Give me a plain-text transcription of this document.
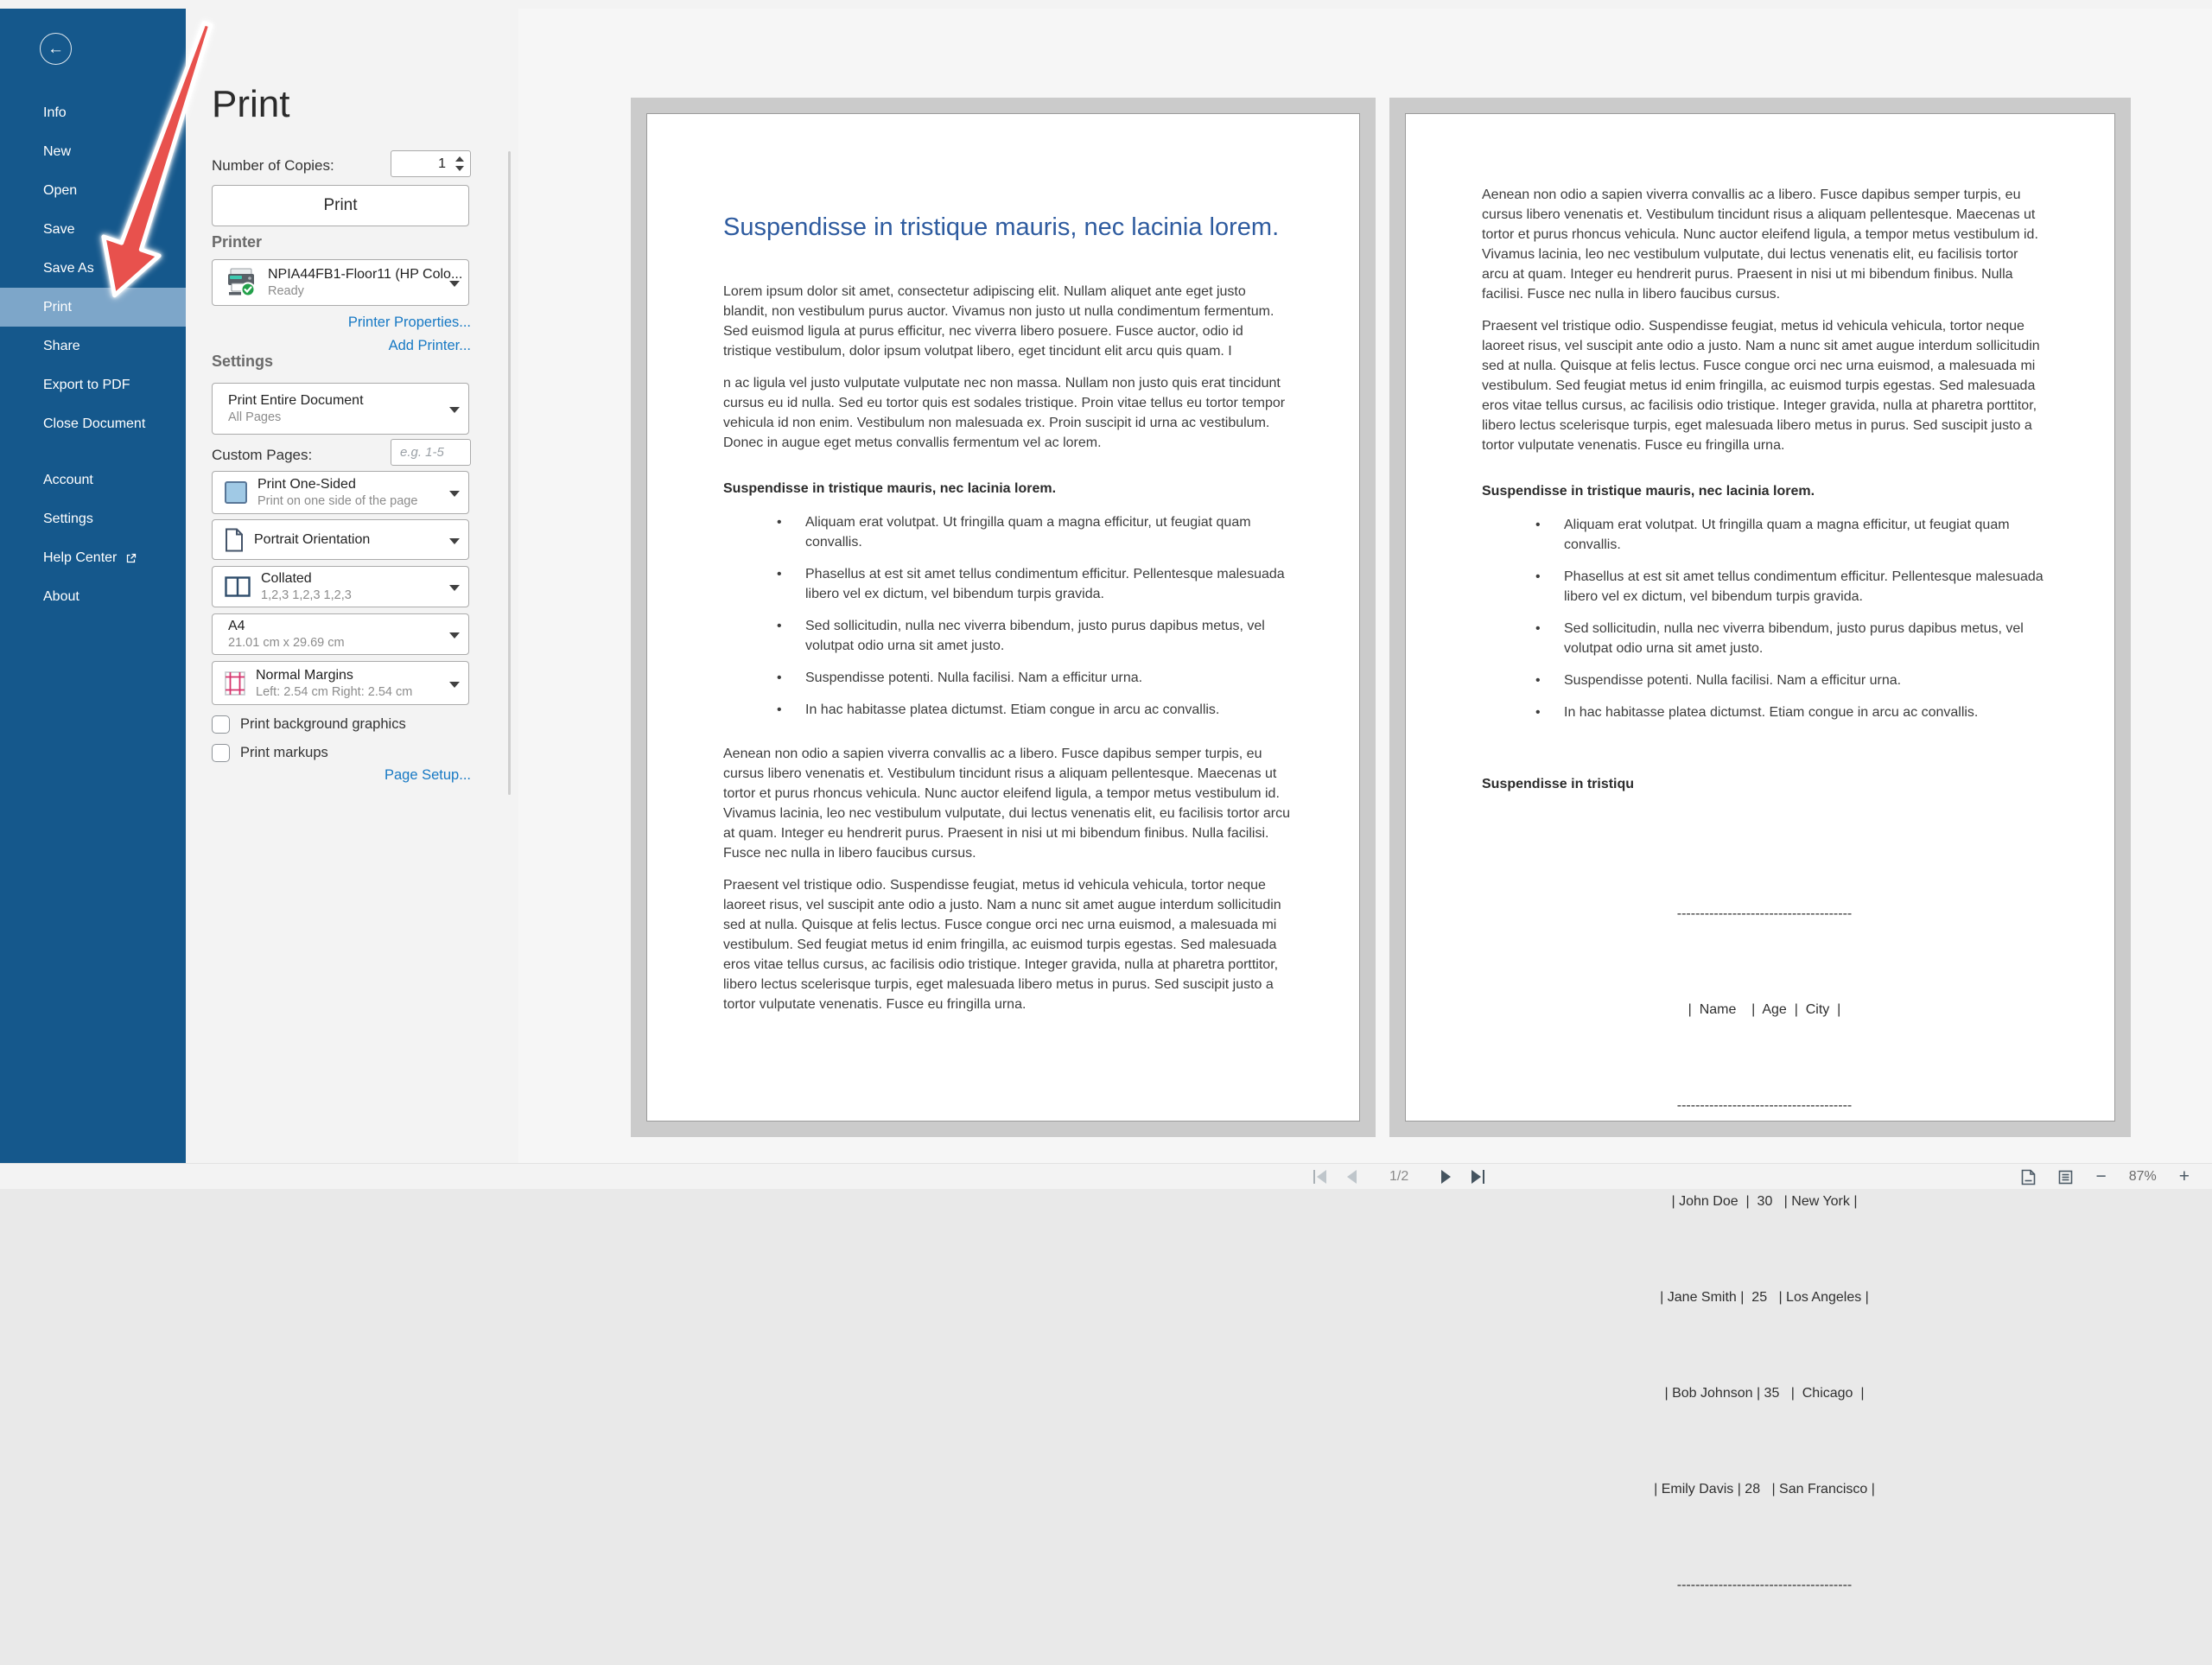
←
Info
New
Open
Save
Save As
Print
Share
Export to PDF
Close Document
Account
Settings
Help Center
About
Print
Number of Copies:
1
Print
Printer
NPIA44FB1-Floor11 (HP Colo...
Ready
Printer Properties...
Add Printer...
Settings
Print Entire Document
All Pages
Custom Pages:
e.g. 1-5
Print One-Sided
Print on one side of the page
Portrait Orientation
Collated
1,2,3 1,2,3 1,2,3
A4
21.01 cm x 29.69 cm
Normal Margins
Left: 2.54 cm Right: 2.54 cm
Print background graphics
Print markups
Page Setup...
Suspendisse in tristique mauris, nec lacinia lorem.

Lorem ipsum dolor sit amet, consectetur adipiscing elit. Nullam aliquet ante eget justo blandit, non vestibulum purus auctor. Vivamus non justo ut nulla condimentum fermentum. Sed euismod ligula at purus efficitur, nec viverra libero posuere. Fusce auctor, odio id tristique vestibulum, dolor ipsum volutpat libero, eget tincidunt elit arcu quis quam. I

n ac ligula vel justo vulputate vulputate nec non massa. Nullam non justo quis erat tincidunt cursus eu id nulla. Sed eu tortor quis est sodales tristique. Proin vitae tellus eu tortor tempor vehicula id non enim. Vestibulum non malesuada ex. Proin suscipit id urna ac vestibulum. Donec in augue eget metus convallis fermentum vel ac lorem.

Suspendisse in tristique mauris, nec lacinia lorem.
• Aliquam erat volutpat. Ut fringilla quam a magna efficitur, ut feugiat quam convallis.
• Phasellus at est sit amet tellus condimentum efficitur. Pellentesque malesuada libero vel ex dictum, vel bibendum turpis gravida.
• Sed sollicitudin, nulla nec viverra bibendum, justo purus dapibus metus, vel volutpat odio urna sit amet justo.
• Suspendisse potenti. Nulla facilisi. Nam a efficitur urna.
• In hac habitasse platea dictumst. Etiam congue in arcu ac convallis.

Aenean non odio a sapien viverra convallis ac a libero. Fusce dapibus semper turpis, eu cursus libero venenatis et. Vestibulum tincidunt risus a aliquam pellentesque. Maecenas ut tortor et purus rhoncus vehicula. Nunc auctor eleifend ligula, a tempor metus vestibulum id. Vivamus lacinia, leo nec vestibulum vulputate, dui lectus venenatis elit, eu facilisis tortor arcu at quam. Integer eu hendrerit purus. Praesent in nisi ut mi bibendum finibus. Nulla facilisi. Fusce nec nulla in libero faucibus cursus.

Praesent vel tristique odio. Suspendisse feugiat, metus id vehicula vehicula, tortor neque laoreet risus, vel suscipit ante odio a justo. Nam a nunc sit amet augue interdum sollicitudin sed at nulla. Quisque at felis lectus. Fusce congue orci nec urna euismod, a malesuada mi vestibulum. Sed feugiat metus id enim fringilla, ac euismod turpis egestas. Sed malesuada eros vitae tellus cursus, ac facilisis odio tristique. Integer gravida, nulla at pharetra porttitor, libero lectus scelerisque turpis, eget malesuada libero metus in purus. Sed suscipit justo a tortor vulputate venenatis. Fusce eu fringilla urna.

Aenean non odio a sapien viverra convallis ac a libero. Fusce dapibus semper turpis, eu cursus libero venenatis et. Vestibulum tincidunt risus a aliquam pellentesque. Maecenas ut tortor et purus rhoncus vehicula. Nunc auctor eleifend ligula, a tempor metus vestibulum id. Vivamus lacinia, leo nec vestibulum vulputate, dui lectus venenatis elit, eu facilisis tortor arcu at quam. Integer eu hendrerit purus. Praesent in nisi ut mi bibendum finibus. Nulla facilisi. Fusce nec nulla in libero faucibus cursus.

Praesent vel tristique odio. Suspendisse feugiat, metus id vehicula vehicula, tortor neque laoreet risus, vel suscipit ante odio a justo. Nam a nunc sit amet augue interdum sollicitudin sed at nulla. Quisque at felis lectus. Fusce congue orci nec urna euismod, a malesuada mi vestibulum. Sed feugiat metus id enim fringilla, ac euismod turpis egestas. Sed malesuada eros vitae tellus cursus, ac facilisis odio tristique. Integer gravida, nulla at pharetra porttitor, libero lectus scelerisque turpis, eget malesuada libero metus in purus. Sed suscipit justo a tortor vulputate venenatis. Fusce eu fringilla urna.

Suspendisse in tristique mauris, nec lacinia lorem.
• Aliquam erat volutpat. Ut fringilla quam a magna efficitur, ut feugiat quam convallis.
• Phasellus at est sit amet tellus condimentum efficitur. Pellentesque malesuada libero vel ex dictum, vel bibendum turpis gravida.
• Sed sollicitudin, nulla nec viverra bibendum, justo purus dapibus metus, vel volutpat odio urna sit amet justo.
• Suspendisse potenti. Nulla facilisi. Nam a efficitur urna.
• In hac habitasse platea dictumst. Etiam congue in arcu ac convallis.
Suspendisse in tristiqu

--------------------------------------

|  Name    |  Age  |  City  |

--------------------------------------

| John Doe  |  30   | New York |

| Jane Smith |  25   | Los Angeles |

| Bob Johnson | 35   |  Chicago  |

| Emily Davis | 28   | San Francisco |

--------------------------------------

1/2	− 87% +
